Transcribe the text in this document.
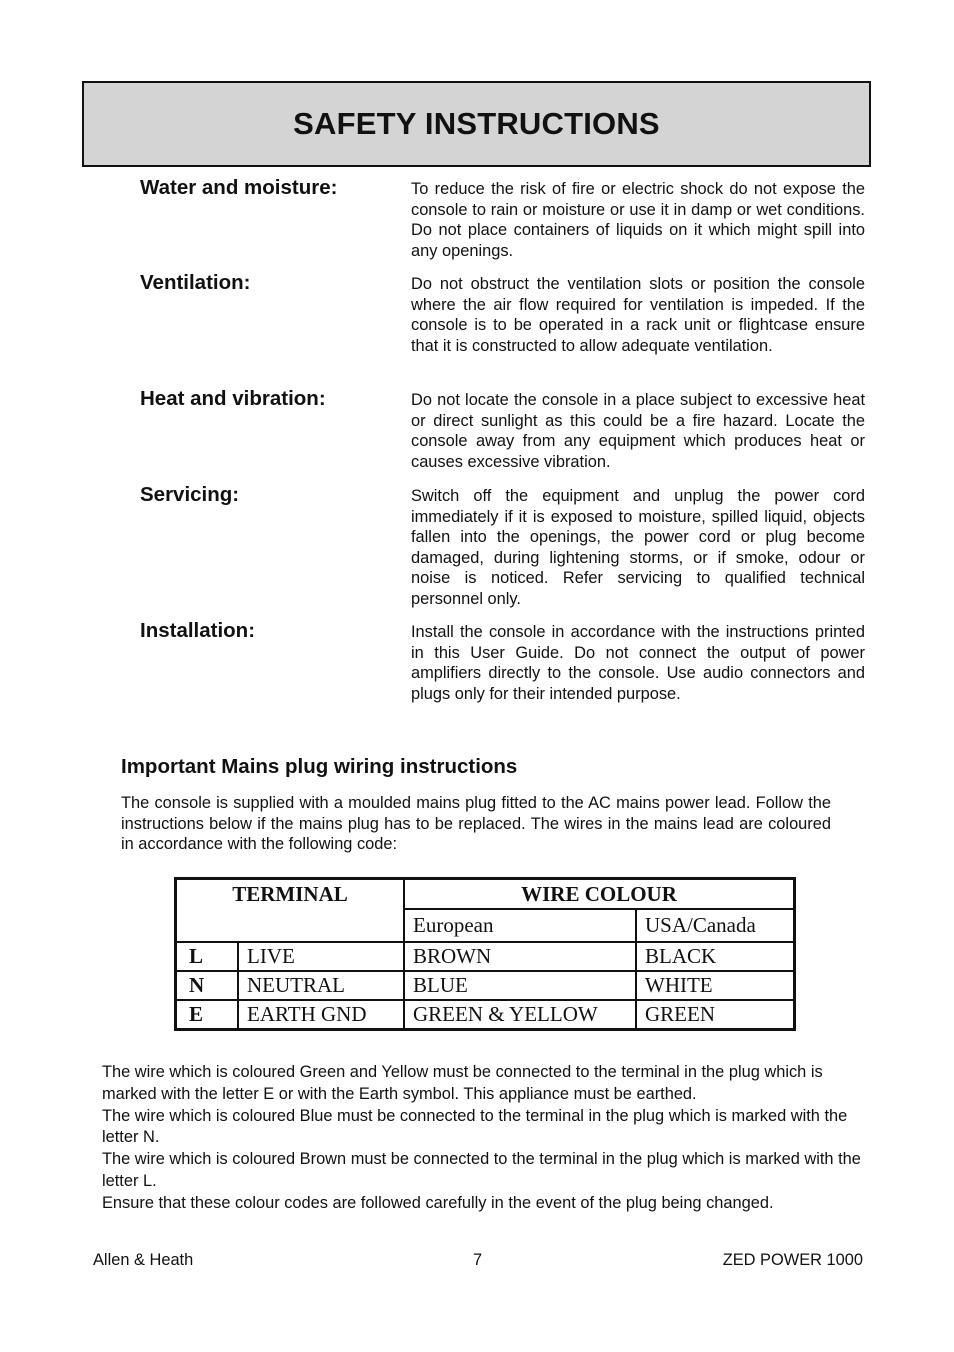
SAFETY INSTRUCTIONS
Water and moisture:	To reduce the risk of fire or electric shock do not expose the console to rain or moisture or use it in damp or wet conditions. Do not place containers of liquids on it which might spill into any openings.

Ventilation:	Do not obstruct the ventilation slots or position the console where the air flow required for ventilation is impeded. If the console is to be operated in a rack unit or flightcase ensure that it is constructed to allow adequate ventilation.

Heat and vibration:	Do not locate the console in a place subject to excessive heat or direct sunlight as this could be a fire hazard. Locate the console away from any equipment which produces heat or causes excessive vibration.

Servicing:	Switch off the equipment and unplug the power cord immediately if it is exposed to moisture, spilled liquid, objects fallen into the openings, the power cord or plug become damaged, during lightening storms, or if smoke, odour or noise is noticed. Refer servicing to qualified technical personnel only.

Installation:	Install the console in accordance with the instructions printed in this User Guide. Do not connect the output of power amplifiers directly to the console. Use audio connectors and plugs only for their intended purpose.

Important Mains plug wiring instructions

The console is supplied with a moulded mains plug fitted to the AC mains power lead. Follow the instructions below if the mains plug has to be replaced. The wires in the mains lead are coloured in accordance with the following code:

TERMINAL		WIRE COLOUR	
		European	USA/Canada
L	LIVE	BROWN	BLACK
N	NEUTRAL	BLUE	WHITE
E	EARTH GND	GREEN & YELLOW	GREEN

The wire which is coloured Green and Yellow must be connected to the terminal in the plug which is marked with the letter E or with the Earth symbol. This appliance must be earthed.

The wire which is coloured Blue must be connected to the terminal in the plug which is marked with the letter N.

The wire which is coloured Brown must be connected to the terminal in the plug which is marked with the letter L.

Ensure that these colour codes are followed carefully in the event of the plug being changed.

Allen & Heath	7	ZED POWER 1000
